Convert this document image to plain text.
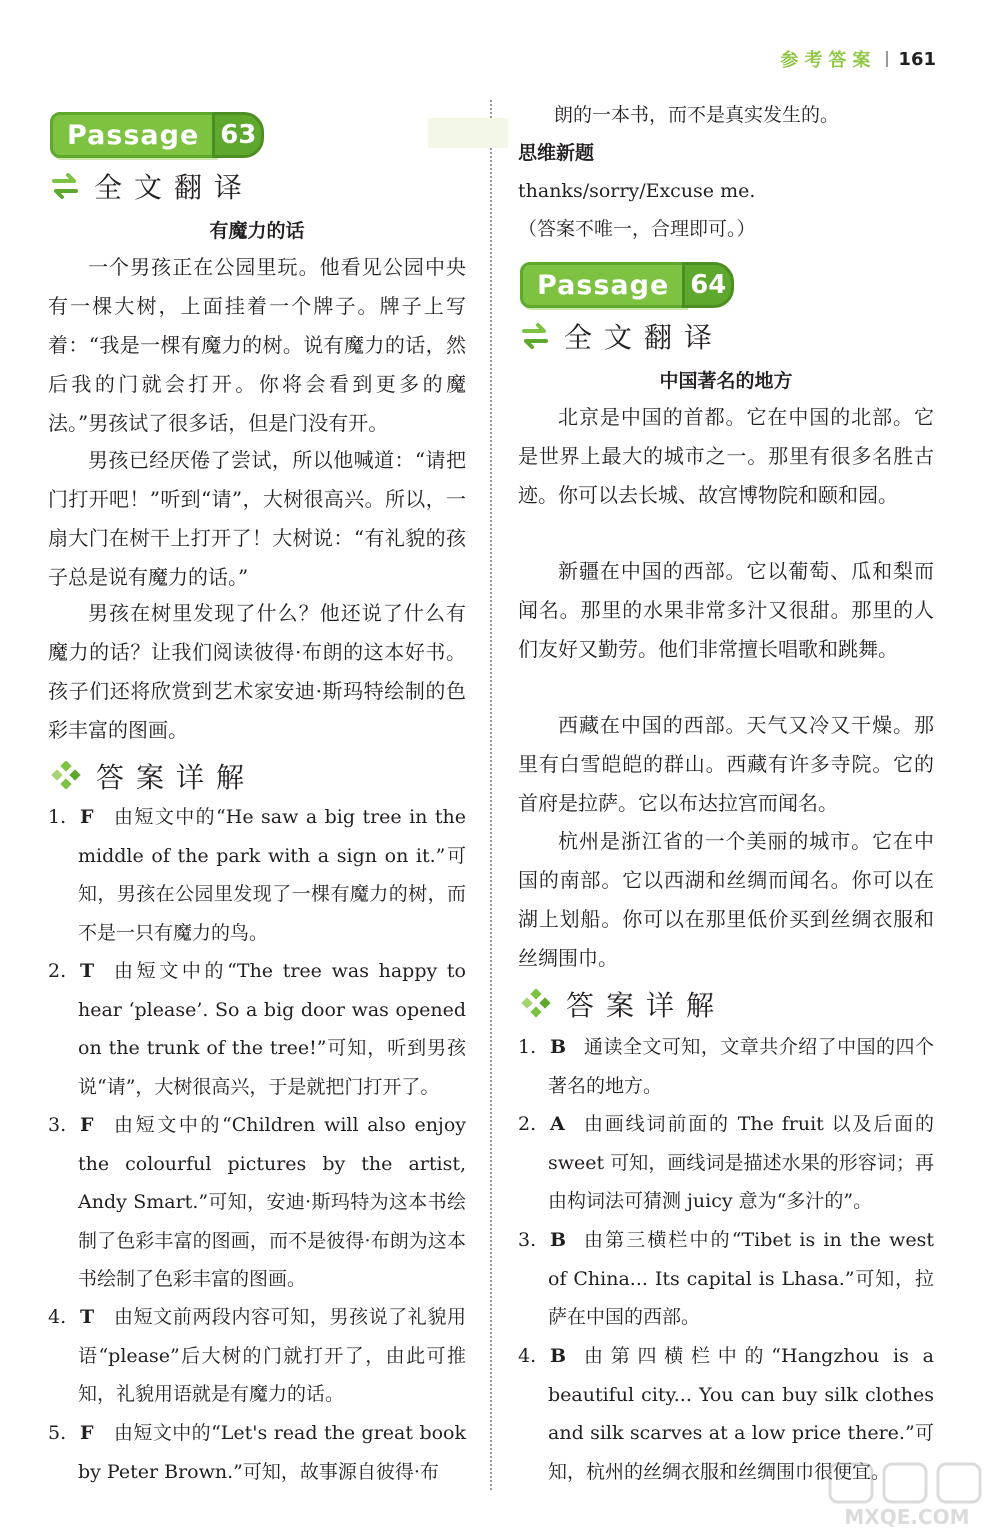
参考答案 161
Passage 63
全文翻译
有魔力的话

一个男孩正在公园里玩。他看见公园中央有一棵大树，上面挂着一个牌子。牌子上写着：“我是一棵有魔力的树。说有魔力的话，然后我的门就会打开。你将会看到更多的魔法。”男孩试了很多话，但是门没有开。

男孩已经厌倦了尝试，所以他喊道：“请把门打开吧！”听到“请”，大树很高兴。所以，一扇大门在树干上打开了！大树说：“有礼貌的孩子总是说有魔力的话。”

男孩在树里发现了什么？他还说了什么有魔力的话？让我们阅读彼得·布朗的这本好书。孩子们还将欣赏到艺术家安迪·斯玛特绘制的色彩丰富的图画。

答案详解
1. F	由短文中的“He saw a big tree in the middle of the park with a sign on it.”可知，男孩在公园里发现了一棵有魔力的树，而不是一只有魔力的鸟。
2. T	由短文中的“The tree was happy to hear ‘please’. So a big door was opened on the trunk of the tree!”可知，听到男孩说“请”，大树很高兴，于是就把门打开了。
3. F	由短文中的“Children will also enjoy the colourful pictures by the artist, Andy Smart.”可知，安迪·斯玛特为这本书绘制了色彩丰富的图画，而不是彼得·布朗为这本书绘制了色彩丰富的图画。
4. T	由短文前两段内容可知，男孩说了礼貌用语“please”后大树的门就打开了，由此可推知，礼貌用语就是有魔力的话。
5. F	由短文中的“Let's read the great book by Peter Brown.”可知，故事源自彼得·布

朗的一本书，而不是真实发生的。

思维新题

thanks/sorry/Excuse me.

（答案不唯一，合理即可。）

Passage 64
全文翻译
中国著名的地方

北京是中国的首都。它在中国的北部。它是世界上最大的城市之一。那里有很多名胜古迹。你可以去长城、故宫博物院和颐和园。

新疆在中国的西部。它以葡萄、瓜和梨而闻名。那里的水果非常多汁又很甜。那里的人们友好又勤劳。他们非常擅长唱歌和跳舞。

西藏在中国的西部。天气又冷又干燥。那里有白雪皑皑的群山。西藏有许多寺院。它的首府是拉萨。它以布达拉宫而闻名。

杭州是浙江省的一个美丽的城市。它在中国的南部。它以西湖和丝绸而闻名。你可以在湖上划船。你可以在那里低价买到丝绸衣服和丝绸围巾。

答案详解
1. B 通读全文可知，文章共介绍了中国的四个著名的地方。
2. A	由画线词前面的 The fruit 以及后面的 sweet 可知，画线词是描述水果的形容词；再由构词法可猜测 juicy 意为“多汁的”。
3. B 由第三横栏中的“Tibet is in the west of China... Its capital is Lhasa.”可知，拉萨在中国的西部。
4. B 由第四横栏中的“Hangzhou is a beautiful city... You can buy silk clothes and silk scarves at a low price there.”可知，杭州的丝绸衣服和丝绸围巾很便宜。
MXQE.COM
